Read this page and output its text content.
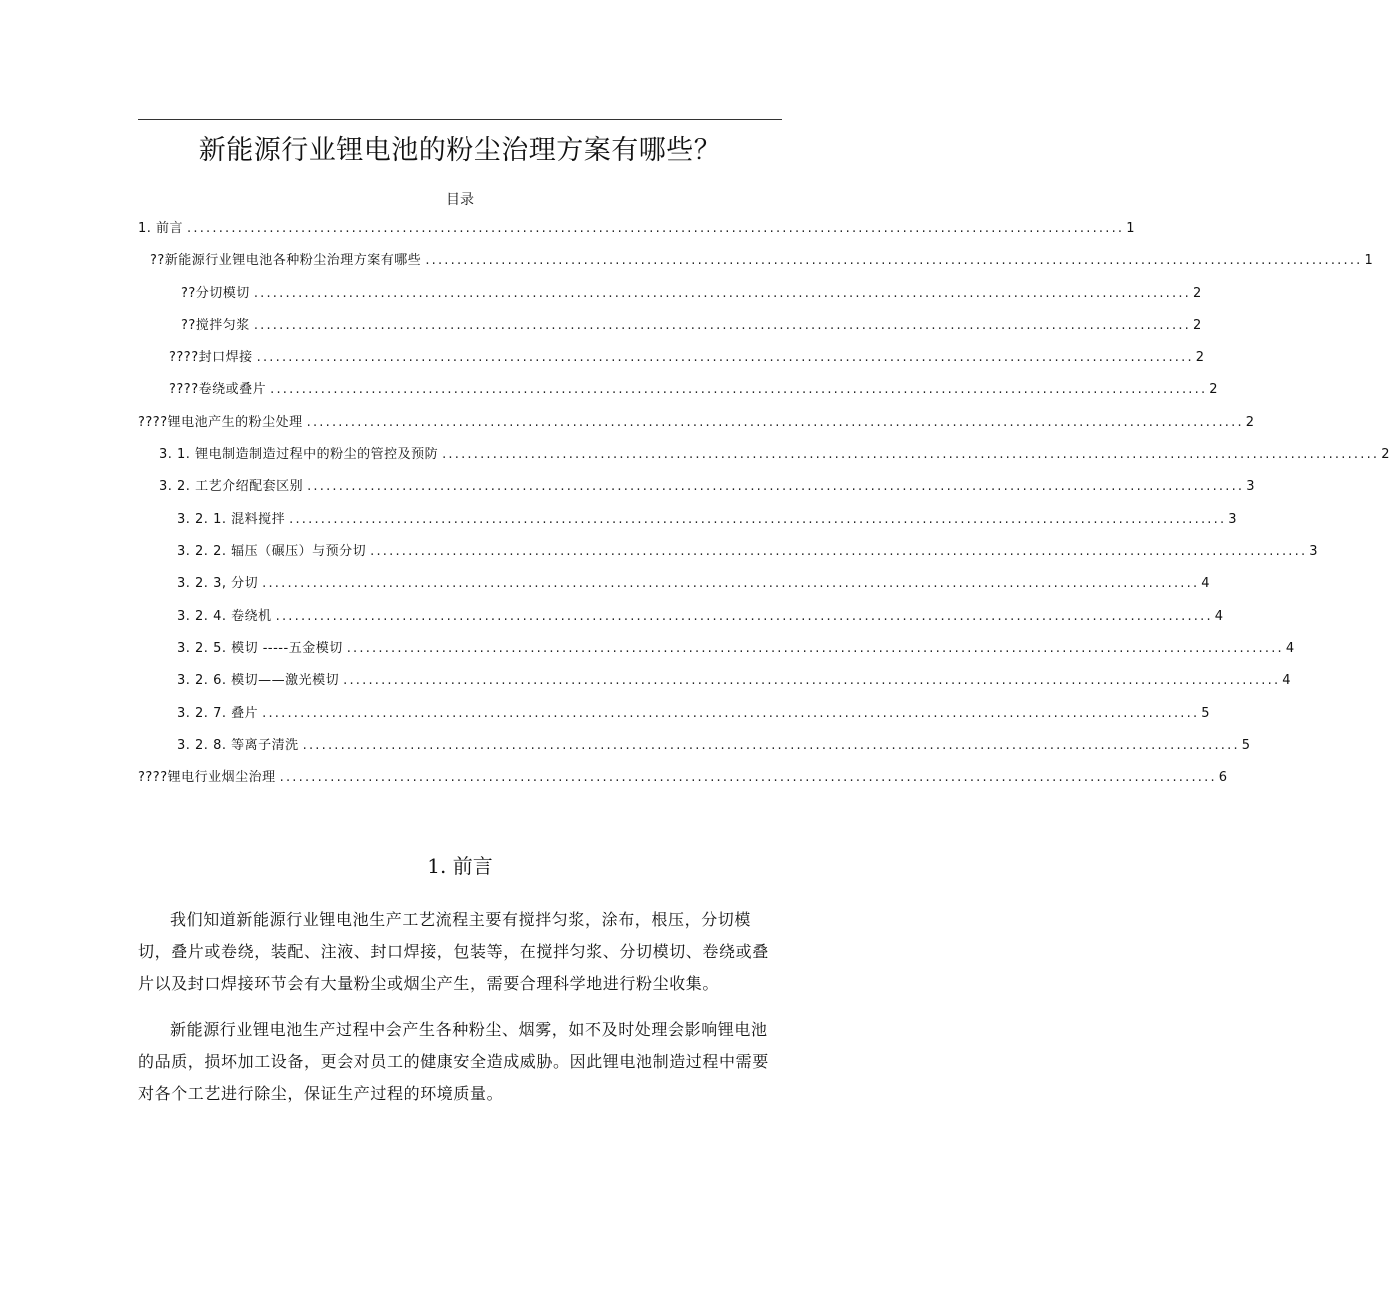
新能源行业锂电池的粉尘治理方案有哪些？
目录
1. 前言 .................................................................................................................................................... 1
??新能源行业锂电池各种粉尘治理方案有哪些 .................................................................................................................................................... 1
??分切模切 .................................................................................................................................................... 2
??搅拌匀浆 .................................................................................................................................................... 2
????封口焊接 .................................................................................................................................................... 2
????卷绕或叠片 .................................................................................................................................................... 2
????锂电池产生的粉尘处理 .................................................................................................................................................... 2
3. 1. 锂电制造制造过程中的粉尘的管控及预防 .................................................................................................................................................... 2
3. 2. 工艺介绍配套区别 .................................................................................................................................................... 3
3. 2. 1. 混料搅拌 .................................................................................................................................................... 3
3. 2. 2. 辐压（碾压）与预分切 .................................................................................................................................................... 3
3. 2. 3, 分切 .................................................................................................................................................... 4
3. 2. 4. 卷绕机 .................................................................................................................................................... 4
3. 2. 5. 模切 -----五金模切 .................................................................................................................................................... 4
3. 2. 6. 模切——激光模切 .................................................................................................................................................... 4
3. 2. 7. 叠片 .................................................................................................................................................... 5
3. 2. 8. 等离子清洗 .................................................................................................................................................... 5
????锂电行业烟尘治理 .................................................................................................................................................... 6
1. 前言

我们知道新能源行业锂电池生产工艺流程主要有搅拌匀浆，涂布，根压，分切模切，叠片或卷绕，装配、注液、封口焊接，包装等，在搅拌匀浆、分切模切、卷绕或叠片以及封口焊接环节会有大量粉尘或烟尘产生，需要合理科学地进行粉尘收集。

新能源行业锂电池生产过程中会产生各种粉尘、烟雾，如不及时处理会影响锂电池的品质，损坏加工设备，更会对员工的健康安全造成威胁。因此锂电池制造过程中需要对各个工艺进行除尘，保证生产过程的环境质量。
